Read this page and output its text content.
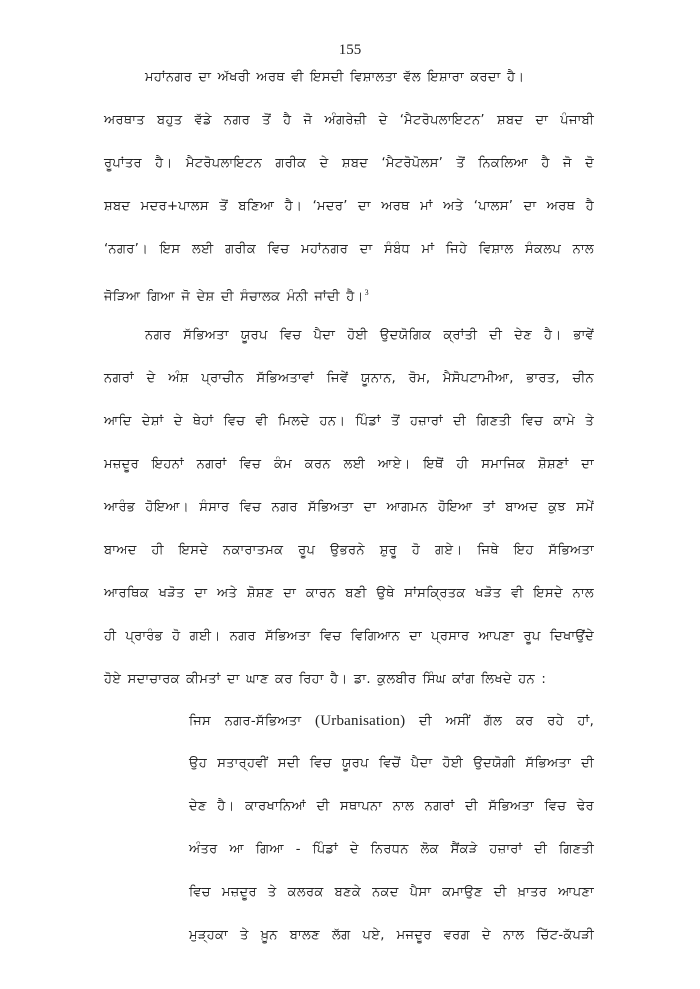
155
ਮਹਾਂਨਗਰ ਦਾ ਅੱਖਰੀ ਅਰਥ ਵੀ ਇਸਦੀ ਵਿਸ਼ਾਲਤਾ ਵੱਲ ਇਸ਼ਾਰਾ ਕਰਦਾ ਹੈ।
ਅਰਥਾਤ ਬਹੁਤ ਵੱਡੇ ਨਗਰ ਤੋਂ ਹੈ ਜੋ ਅੰਗਰੇਜ਼ੀ ਦੇ ‘ਮੈਟਰੋਪਲਾਇਟਨ’ ਸ਼ਬਦ ਦਾ ਪੰਜਾਬੀ
ਰੂਪਾਂਤਰ ਹੈ। ਮੈਟਰੋਪਲਾਇਟਨ ਗਰੀਕ ਦੇ ਸ਼ਬਦ ‘ਮੈਟਰੋਪੋਲਸ’ ਤੋਂ ਨਿਕਲਿਆ ਹੈ ਜੋ ਦੋ
ਸ਼ਬਦ ਮਦਰ+ਪਾਲਸ ਤੋਂ ਬਣਿਆ ਹੈ। ‘ਮਦਰ’ ਦਾ ਅਰਥ ਮਾਂ ਅਤੇ ‘ਪਾਲਸ’ ਦਾ ਅਰਥ ਹੈ
‘ਨਗਰ’। ਇਸ ਲਈ ਗਰੀਕ ਵਿਚ ਮਹਾਂਨਗਰ ਦਾ ਸੰਬੰਧ ਮਾਂ ਜਿਹੇ ਵਿਸ਼ਾਲ ਸੰਕਲਪ ਨਾਲ
ਜੋੜਿਆ ਗਿਆ ਜੋ ਦੇਸ਼ ਦੀ ਸੰਚਾਲਕ ਮੰਨੀ ਜਾਂਦੀ ਹੈ।$^3$
ਨਗਰ ਸੱਭਿਅਤਾ ਯੂਰਪ ਵਿਚ ਪੈਦਾ ਹੋਈ ਉਦਯੋਗਿਕ ਕ੍ਰਾਂਤੀ ਦੀ ਦੇਣ ਹੈ। ਭਾਵੇਂ
ਨਗਰਾਂ ਦੇ ਅੰਸ਼ ਪ੍ਰਾਚੀਨ ਸੱਭਿਅਤਾਵਾਂ ਜਿਵੇਂ ਯੂਨਾਨ, ਰੋਮ, ਮੈਸੋਪਟਾਮੀਆ, ਭਾਰਤ, ਚੀਨ
ਆਦਿ ਦੇਸ਼ਾਂ ਦੇ ਥੇਹਾਂ ਵਿਚ ਵੀ ਮਿਲਦੇ ਹਨ। ਪਿੰਡਾਂ ਤੋਂ ਹਜ਼ਾਰਾਂ ਦੀ ਗਿਣਤੀ ਵਿਚ ਕਾਮੇ ਤੇ
ਮਜ਼ਦੂਰ ਇਹਨਾਂ ਨਗਰਾਂ ਵਿਚ ਕੰਮ ਕਰਨ ਲਈ ਆਏ। ਇਥੋਂ ਹੀ ਸਮਾਜਿਕ ਸ਼ੋਸ਼ਣਾਂ ਦਾ
ਆਰੰਭ ਹੋਇਆ। ਸੰਸਾਰ ਵਿਚ ਨਗਰ ਸੱਭਿਅਤਾ ਦਾ ਆਗਮਨ ਹੋਇਆ ਤਾਂ ਬਾਅਦ ਕੁਝ ਸਮੇਂ
ਬਾਅਦ ਹੀ ਇਸਦੇ ਨਕਾਰਾਤਮਕ ਰੂਪ ਉਭਰਨੇ ਸ਼ੁਰੂ ਹੋ ਗਏ। ਜਿਥੇ ਇਹ ਸੱਭਿਅਤਾ
ਆਰਥਿਕ ਖੜੋਤ ਦਾ ਅਤੇ ਸ਼ੋਸ਼ਣ ਦਾ ਕਾਰਨ ਬਣੀ ਉਥੇ ਸਾਂਸਕ੍ਰਿਤਕ ਖੜੋਤ ਵੀ ਇਸਦੇ ਨਾਲ
ਹੀ ਪ੍ਰਾਰੰਭ ਹੋ ਗਈ। ਨਗਰ ਸੱਭਿਅਤਾ ਵਿਚ ਵਿਗਿਆਨ ਦਾ ਪ੍ਰਸਾਰ ਆਪਣਾ ਰੂਪ ਦਿਖਾਉਂਦੇ
ਹੋਏ ਸਦਾਚਾਰਕ ਕੀਮਤਾਂ ਦਾ ਘਾਣ ਕਰ ਰਿਹਾ ਹੈ। ਡਾ. ਕੁਲਬੀਰ ਸਿੰਘ ਕਾਂਗ ਲਿਖਦੇ ਹਨ :
ਜਿਸ ਨਗਰ-ਸੱਭਿਅਤਾ (Urbanisation) ਦੀ ਅਸੀਂ ਗੱਲ ਕਰ ਰਹੇ ਹਾਂ,
ਉਹ ਸਤਾਰ੍ਹਵੀਂ ਸਦੀ ਵਿਚ ਯੂਰਪ ਵਿਚੋਂ ਪੈਦਾ ਹੋਈ ਉਦਯੋਗੀ ਸੱਭਿਅਤਾ ਦੀ
ਦੇਣ ਹੈ। ਕਾਰਖਾਨਿਆਂ ਦੀ ਸਥਾਪਨਾ ਨਾਲ ਨਗਰਾਂ ਦੀ ਸੱਭਿਅਤਾ ਵਿਚ ਢੇਰ
ਅੰਤਰ ਆ ਗਿਆ - ਪਿੰਡਾਂ ਦੇ ਨਿਰਧਨ ਲੋਕ ਸੈਂਕੜੇ ਹਜ਼ਾਰਾਂ ਦੀ ਗਿਣਤੀ
ਵਿਚ ਮਜ਼ਦੂਰ ਤੇ ਕਲਰਕ ਬਣਕੇ ਨਕਦ ਪੈਸਾ ਕਮਾਉਣ ਦੀ ਖ਼ਾਤਰ ਆਪਣਾ
ਮੁੜ੍ਹਕਾ ਤੇ ਖ਼ੂਨ ਬਾਲਣ ਲੱਗ ਪਏ, ਮਜਦੂਰ ਵਰਗ ਦੇ ਨਾਲ ਚਿੱਟ-ਕੱਪੜੀ
